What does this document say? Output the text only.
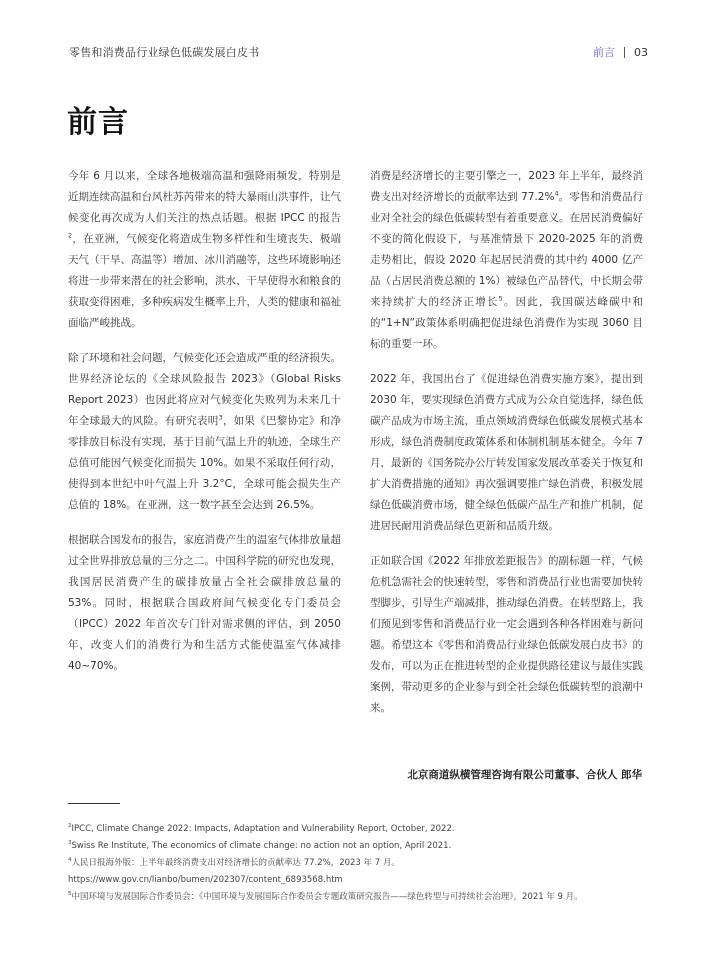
零售和消费品行业绿色低碳发展白皮书	前言 03
前言

今年 6 月以来，全球各地极端高温和强降雨频发，特别是近期连续高温和台风杜苏芮带来的特大暴雨山洪事件，让气候变化再次成为人们关注的热点话题。根据 IPCC 的报告$^2$，在亚洲，气候变化将造成生物多样性和生境丧失、极端天气（干旱、高温等）增加、冰川消融等，这些环境影响还将进一步带来潜在的社会影响，洪水、干旱使得水和粮食的获取变得困难，多种疾病发生概率上升，人类的健康和福祉面临严峻挑战。

除了环境和社会问题，气候变化还会造成严重的经济损失。世界经济论坛的《全球风险报告 2023》（Global Risks Report 2023）也因此将应对气候变化失败列为未来几十年全球最大的风险。有研究表明$^3$，如果《巴黎协定》和净零排放目标没有实现，基于目前气温上升的轨迹，全球生产总值可能因气候变化而损失 10%。如果不采取任何行动，使得到本世纪中叶气温上升 3.2°C，全球可能会损失生产总值的 18%。在亚洲，这一数字甚至会达到 26.5%。

根据联合国发布的报告，家庭消费产生的温室气体排放量超过全世界排放总量的三分之二。中国科学院的研究也发现，我国居民消费产生的碳排放量占全社会碳排放总量的 53%。同时，根据联合国政府间气候变化专门委员会（IPCC）2022 年首次专门针对需求侧的评估，到 2050 年，改变人们的消费行为和生活方式能使温室气体减排 40~70%。

消费是经济增长的主要引擎之一，2023 年上半年，最终消费支出对经济增长的贡献率达到 77.2%$^4$。零售和消费品行业对全社会的绿色低碳转型有着重要意义。在居民消费偏好不变的简化假设下，与基准情景下 2020-2025 年的消费走势相比，假设 2020 年起居民消费的其中约 4000 亿产品（占居民消费总额的 1%）被绿色产品替代，中长期会带来持续扩大的经济正增长$^5$。因此，我国碳达峰碳中和的“1+N”政策体系明确把促进绿色消费作为实现 3060 目标的重要一环。

2022 年，我国出台了《促进绿色消费实施方案》，提出到 2030 年，要实现绿色消费方式成为公众自觉选择，绿色低碳产品成为市场主流，重点领域消费绿色低碳发展模式基本形成，绿色消费制度政策体系和体制机制基本健全。今年 7 月，最新的《国务院办公厅转发国家发展改革委关于恢复和扩大消费措施的通知》再次强调要推广绿色消费，积极发展绿色低碳消费市场，健全绿色低碳产品生产和推广机制，促进居民耐用消费品绿色更新和品质升级。

正如联合国《2022 年排放差距报告》的副标题一样，气候危机急需社会的快速转型，零售和消费品行业也需要加快转型脚步，引导生产端减排，推动绿色消费。在转型路上，我们预见到零售和消费品行业一定会遇到各种各样困难与新问题。希望这本《零售和消费品行业绿色低碳发展白皮书》的发布，可以为正在推进转型的企业提供路径建议与最佳实践案例，带动更多的企业参与到全社会绿色低碳转型的浪潮中来。

北京商道纵横管理咨询有限公司董事、合伙人 郎华

$^2$IPCC, Climate Change 2022: Impacts, Adaptation and Vulnerability Report, October, 2022.

$^3$Swiss Re Institute, The economics of climate change: no action not an option, April 2021.

$^4$人民日报海外版：上半年最终消费支出对经济增长的贡献率达 77.2%，2023 年 7 月。https://www.gov.cn/lianbo/bumen/202307/content_6893568.htm

$^5$中国环境与发展国际合作委员会：《中国环境与发展国际合作委员会专题政策研究报告——绿色转型与可持续社会治理》，2021 年 9 月。
